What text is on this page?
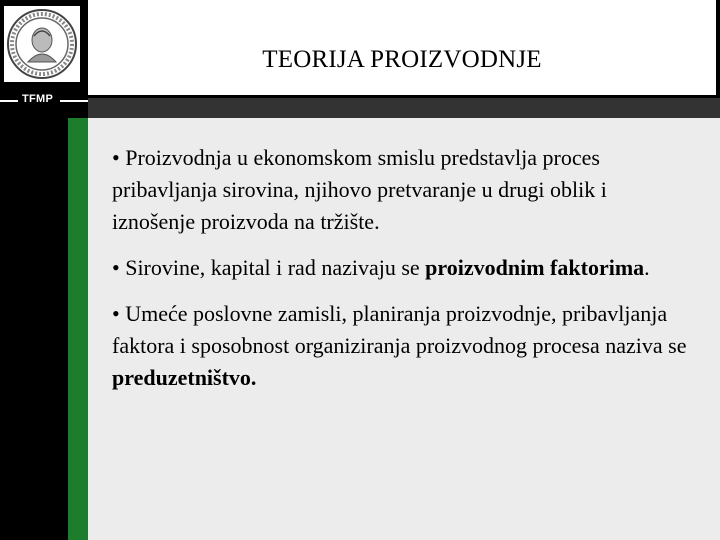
TEORIJA PROIZVODNJE
TFMP

• Proizvodnja u ekonomskom smislu predstavlja proces pribavljanja sirovina, njihovo pretvaranje u drugi oblik i iznošenje proizvoda na tržište.

• Sirovine, kapital i rad nazivaju se proizvodnim faktorima.

• Umeće poslovne zamisli, planiranja proizvodnje, pribavljanja faktora i sposobnost organiziranja proizvodnog procesa naziva se preduzetništvo.
